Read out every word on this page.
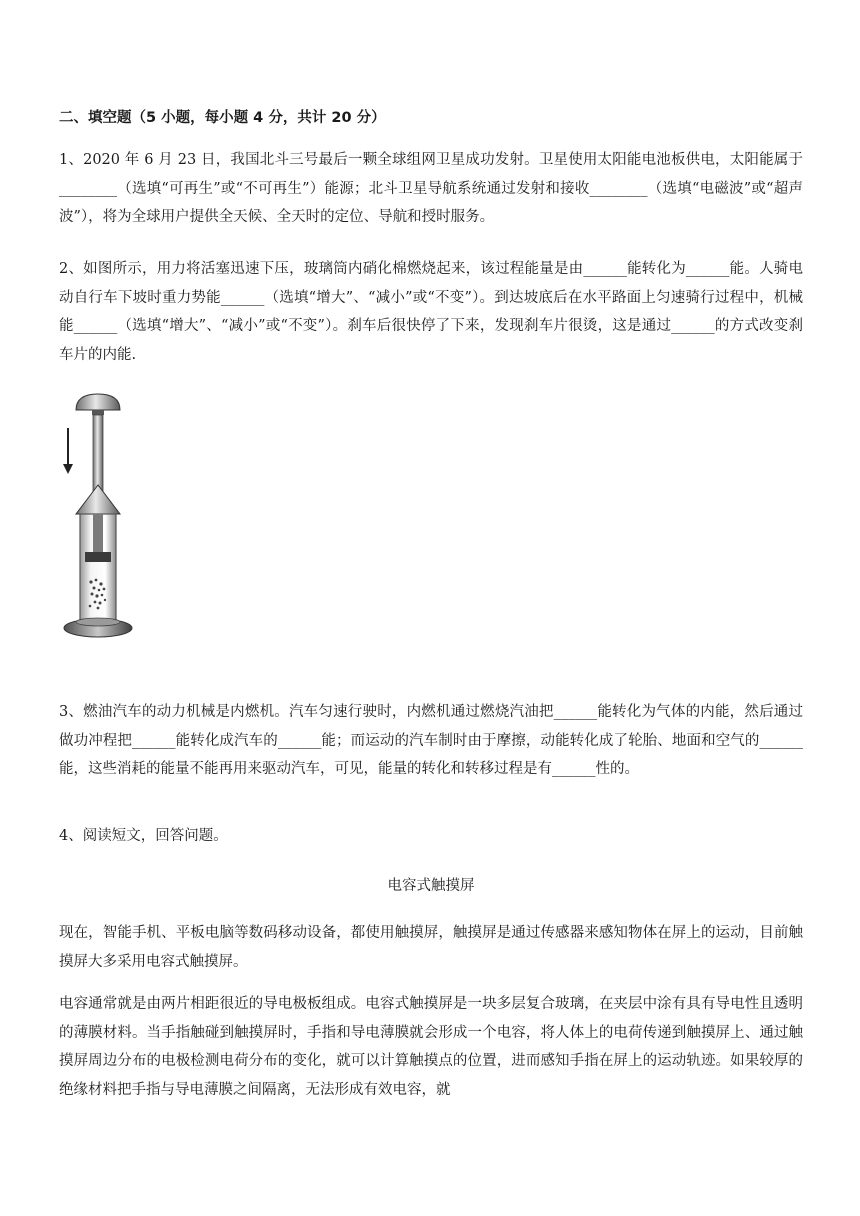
二、填空题（5 小题，每小题 4 分，共计 20 分）
1、2020 年 6 月 23 日，我国北斗三号最后一颗全球组网卫星成功发射。卫星使用太阳能电池板供电，太阳能属于________（选填“可再生”或“不可再生”）能源；北斗卫星导航系统通过发射和接收________（选填“电磁波”或“超声波”），将为全球用户提供全天候、全天时的定位、导航和授时服务。
2、如图所示，用力将活塞迅速下压，玻璃筒内硝化棉燃烧起来，该过程能量是由______能转化为______能。人骑电动自行车下坡时重力势能______（选填“增大”、“减小”或“不变”）。到达坡底后在水平路面上匀速骑行过程中，机械能______（选填“增大”、“减小”或“不变”）。刹车后很快停了下来，发现刹车片很烫，这是通过______的方式改变刹车片的内能.
3、燃油汽车的动力机械是内燃机。汽车匀速行驶时，内燃机通过燃烧汽油把______能转化为气体的内能，然后通过做功冲程把______能转化成汽车的______能；而运动的汽车制时由于摩擦，动能转化成了轮胎、地面和空气的______能，这些消耗的能量不能再用来驱动汽车，可见，能量的转化和转移过程是有______性的。
4、阅读短文，回答问题。
电容式触摸屏
现在，智能手机、平板电脑等数码移动设备，都使用触摸屏，触摸屏是通过传感器来感知物体在屏上的运动，目前触摸屏大多采用电容式触摸屏。
电容通常就是由两片相距很近的导电极板组成。电容式触摸屏是一块多层复合玻璃，在夹层中涂有具有导电性且透明的薄膜材料。当手指触碰到触摸屏时，手指和导电薄膜就会形成一个电容，将人体上的电荷传递到触摸屏上、通过触摸屏周边分布的电极检测电荷分布的变化，就可以计算触摸点的位置，进而感知手指在屏上的运动轨迹。如果较厚的绝缘材料把手指与导电薄膜之间隔离，无法形成有效电容，就
